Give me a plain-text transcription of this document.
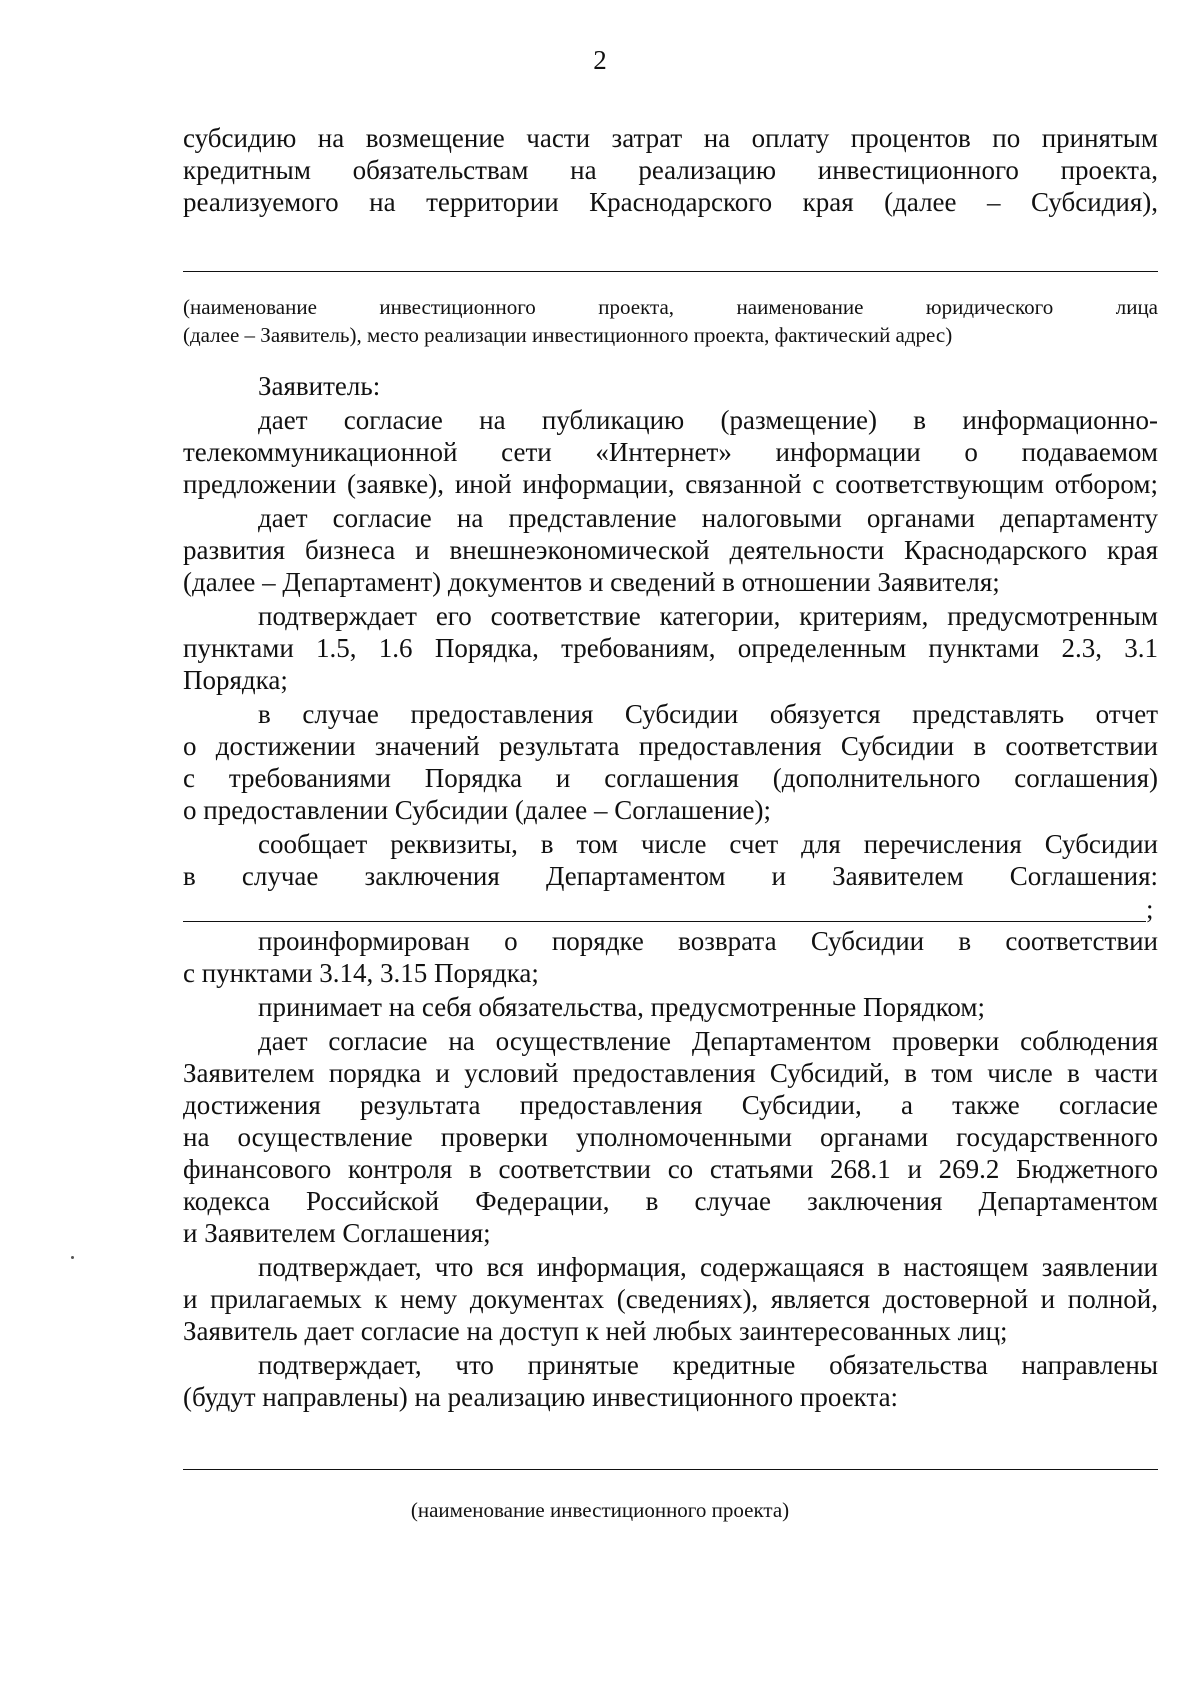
2
субсидию на возмещение части затрат на оплату процентов по принятым
кредитным обязательствам на реализацию инвестиционного проекта,
реализуемого на территории Краснодарского края (далее – Субсидия),
(наименование инвестиционного проекта, наименование юридического лица
(далее – Заявитель), место реализации инвестиционного проекта, фактический адрес)
Заявитель:
дает согласие на публикацию (размещение) в информационно-
телекоммуникационной сети «Интернет» информации о подаваемом
предложении (заявке), иной информации, связанной с соответствующим отбором;
дает согласие на представление налоговыми органами департаменту
развития бизнеса и внешнеэкономической деятельности Краснодарского края
(далее – Департамент) документов и сведений в отношении Заявителя;
подтверждает его соответствие категории, критериям, предусмотренным
пунктами 1.5, 1.6 Порядка, требованиям, определенным пунктами 2.3, 3.1
Порядка;
в случае предоставления Субсидии обязуется представлять отчет
о достижении значений результата предоставления Субсидии в соответствии
с требованиями Порядка и соглашения (дополнительного соглашения)
о предоставлении Субсидии (далее – Соглашение);
сообщает реквизиты, в том числе счет для перечисления Субсидии
в случае заключения Департаментом и Заявителем Соглашения:
;
проинформирован о порядке возврата Субсидии в соответствии
с пунктами 3.14, 3.15 Порядка;
принимает на себя обязательства, предусмотренные Порядком;
дает согласие на осуществление Департаментом проверки соблюдения
Заявителем порядка и условий предоставления Субсидий, в том числе в части
достижения результата предоставления Субсидии, а также согласие
на осуществление проверки уполномоченными органами государственного
финансового контроля в соответствии со статьями 268.1 и 269.2 Бюджетного
кодекса Российской Федерации, в случае заключения Департаментом
и Заявителем Соглашения;
подтверждает, что вся информация, содержащаяся в настоящем заявлении
и прилагаемых к нему документах (сведениях), является достоверной и полной,
Заявитель дает согласие на доступ к ней любых заинтересованных лиц;
подтверждает, что принятые кредитные обязательства направлены
(будут направлены) на реализацию инвестиционного проекта:
(наименование инвестиционного проекта)
